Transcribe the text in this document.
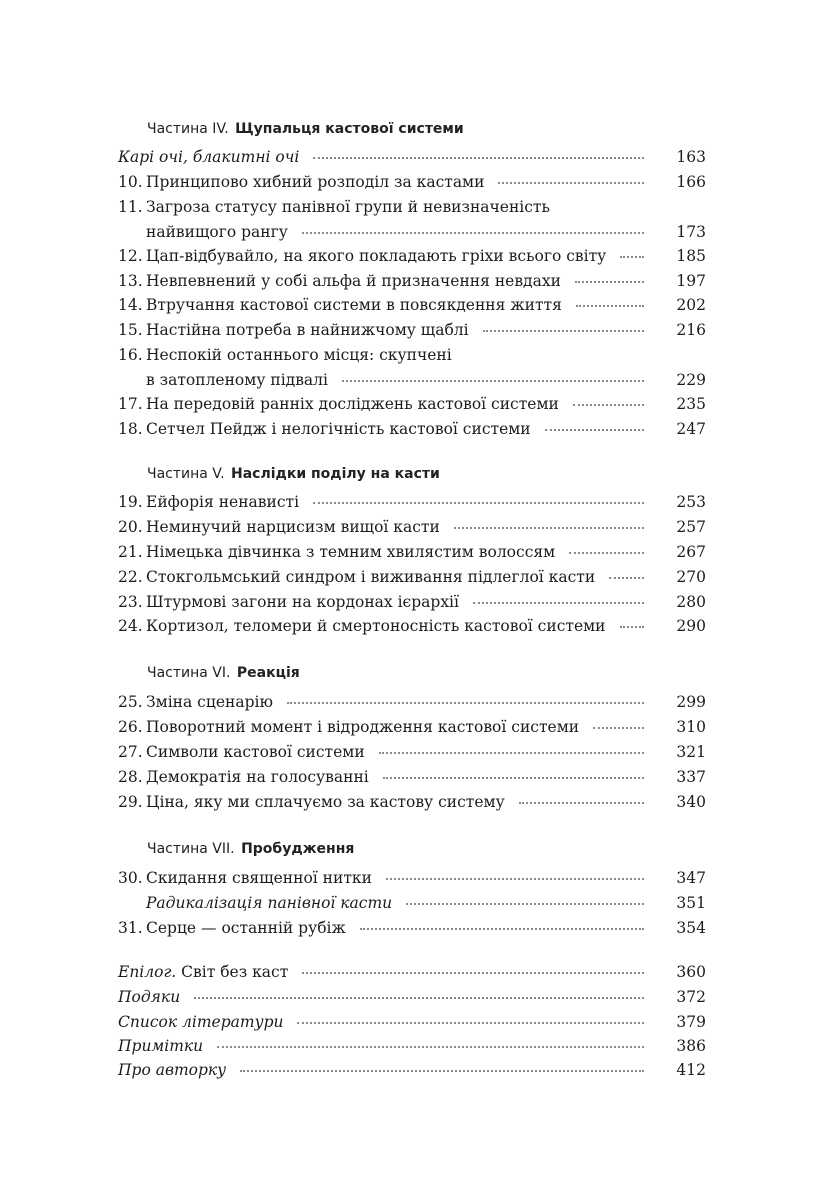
Частина IV. Щупальця кастової системи
Карі очі, блакитні очі	163
10. Принципово хибний розподіл за кастами	166
11. Загроза статусу панівної групи й невизначеність
найвищого рангу	173
12. Цап-відбувайло, на якого покладають гріхи всього світу	185
13. Невпевнений у собі альфа й призначення невдахи	197
14. Втручання кастової системи в повсякдення життя	202
15. Настійна потреба в найнижчому щаблі	216
16. Неспокій останнього місця: скупчені
в затопленому підвалі	229
17. На передовій ранніх досліджень кастової системи	235
18. Сетчел Пейдж і нелогічність кастової системи	247
Частина V. Наслідки поділу на касти
19. Ейфорія ненависті	253
20. Неминучий нарцисизм вищої касти	257
21. Німецька дівчинка з темним хвилястим волоссям	267
22. Стокгольмський синдром і виживання підлеглої касти	270
23. Штурмові загони на кордонах ієрархії	280
24. Кортизол, теломери й смертоносність кастової системи	290
Частина VI. Реакція
25. Зміна сценарію	299
26. Поворотний момент і відродження кастової системи	310
27. Символи кастової системи	321
28. Демократія на голосуванні	337
29. Ціна, яку ми сплачуємо за кастову систему	340
Частина VII. Пробудження
30. Скидання священної нитки	347
Радикалізація панівної касти	351
31. Серце — останній рубіж	354
Епілог. Світ без каст	360
Подяки	372
Список літератури	379
Примітки	386
Про авторку	412
